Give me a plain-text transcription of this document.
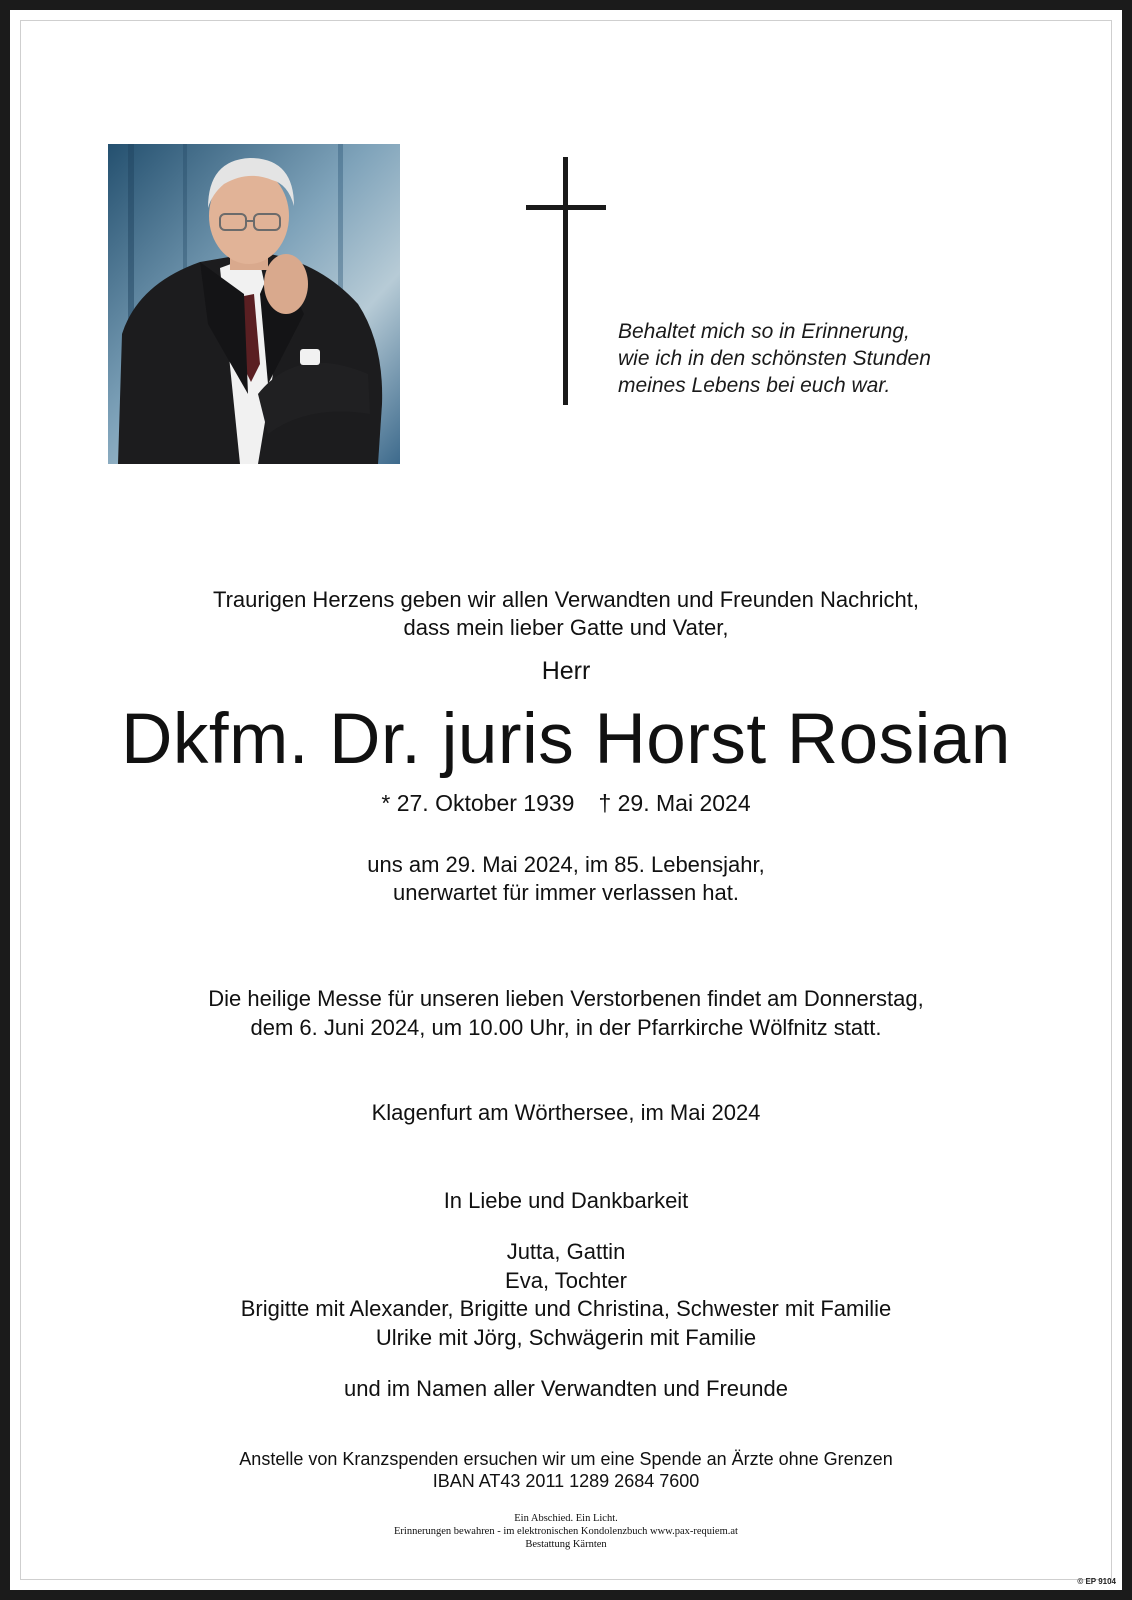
Behaltet mich so in Erinnerung,
wie ich in den schönsten Stunden
meines Lebens bei euch war.
Traurigen Herzens geben wir allen Verwandten und Freunden Nachricht,
dass mein lieber Gatte und Vater,
Herr
Dkfm. Dr. juris Horst Rosian
* 27. Oktober 1939 † 29. Mai 2024
uns am 29. Mai 2024, im 85. Lebensjahr,
unerwartet für immer verlassen hat.
Die heilige Messe für unseren lieben Verstorbenen findet am Donnerstag,
dem 6. Juni 2024, um 10.00 Uhr, in der Pfarrkirche Wölfnitz statt.
Klagenfurt am Wörthersee, im Mai 2024
In Liebe und Dankbarkeit
Jutta, Gattin
Eva, Tochter
Brigitte mit Alexander, Brigitte und Christina, Schwester mit Familie
Ulrike mit Jörg, Schwägerin mit Familie
und im Namen aller Verwandten und Freunde
Anstelle von Kranzspenden ersuchen wir um eine Spende an Ärzte ohne Grenzen
IBAN AT43 2011 1289 2684 7600
Ein Abschied. Ein Licht.
Erinnerungen bewahren - im elektronischen Kondolenzbuch www.pax-requiem.at
Bestattung Kärnten
© EP 9104
